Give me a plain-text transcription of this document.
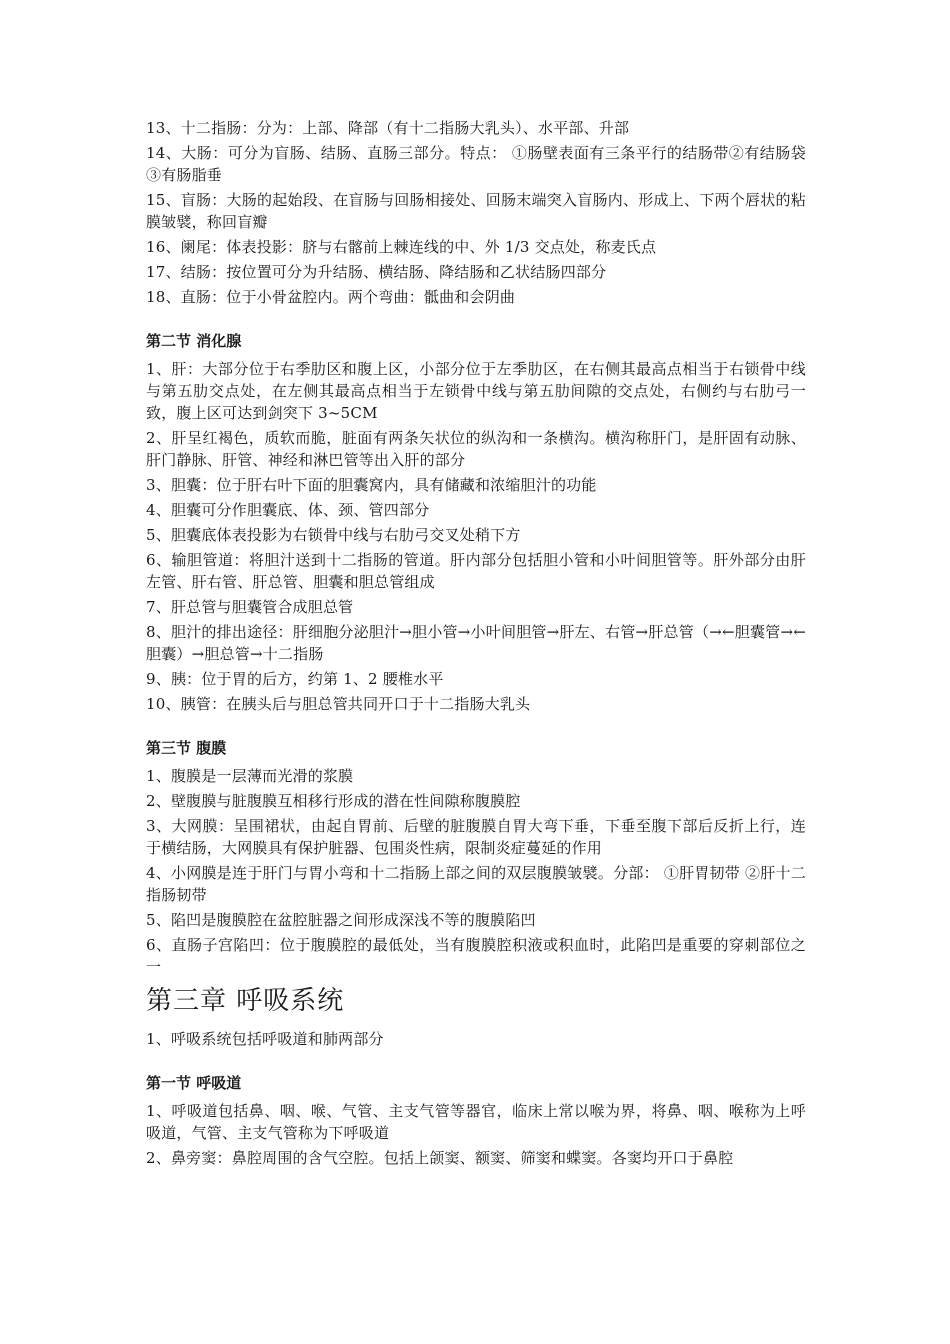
13、十二指肠：分为：上部、降部（有十二指肠大乳头）、水平部、升部

14、大肠：可分为盲肠、结肠、直肠三部分。特点： ①肠壁表面有三条平行的结肠带②有结肠袋③有肠脂垂

15、盲肠：大肠的起始段、在盲肠与回肠相接处、回肠末端突入盲肠内、形成上、下两个唇状的粘膜皱襞，称回盲瓣

16、阑尾：体表投影：脐与右髂前上棘连线的中、外 1/3 交点处，称麦氏点

17、结肠：按位置可分为升结肠、横结肠、降结肠和乙状结肠四部分

18、直肠：位于小骨盆腔内。两个弯曲：骶曲和会阴曲

第二节 消化腺

1、肝：大部分位于右季肋区和腹上区，小部分位于左季肋区，在右侧其最高点相当于右锁骨中线与第五肋交点处，在左侧其最高点相当于左锁骨中线与第五肋间隙的交点处，右侧约与右肋弓一致，腹上区可达到剑突下 3~5CM

2、肝呈红褐色，质软而脆，脏面有两条矢状位的纵沟和一条横沟。横沟称肝门，是肝固有动脉、肝门静脉、肝管、神经和淋巴管等出入肝的部分

3、胆囊：位于肝右叶下面的胆囊窝内，具有储藏和浓缩胆汁的功能

4、胆囊可分作胆囊底、体、颈、管四部分

5、胆囊底体表投影为右锁骨中线与右肋弓交叉处稍下方

6、输胆管道：将胆汁送到十二指肠的管道。肝内部分包括胆小管和小叶间胆管等。肝外部分由肝左管、肝右管、肝总管、胆囊和胆总管组成

7、肝总管与胆囊管合成胆总管

8、胆汁的排出途径：肝细胞分泌胆汁→胆小管→小叶间胆管→肝左、右管→肝总管（→←胆囊管→←胆囊）→胆总管→十二指肠

9、胰：位于胃的后方，约第 1、2 腰椎水平

10、胰管：在胰头后与胆总管共同开口于十二指肠大乳头

第三节 腹膜

1、腹膜是一层薄而光滑的浆膜

2、壁腹膜与脏腹膜互相移行形成的潜在性间隙称腹膜腔

3、大网膜：呈围裙状，由起自胃前、后壁的脏腹膜自胃大弯下垂，下垂至腹下部后反折上行，连于横结肠，大网膜具有保护脏器、包围炎性病，限制炎症蔓延的作用

4、小网膜是连于肝门与胃小弯和十二指肠上部之间的双层腹膜皱襞。分部： ①肝胃韧带 ②肝十二指肠韧带

5、陷凹是腹膜腔在盆腔脏器之间形成深浅不等的腹膜陷凹

6、直肠子宫陷凹：位于腹膜腔的最低处，当有腹膜腔积液或积血时，此陷凹是重要的穿刺部位之一

第三章 呼吸系统

1、呼吸系统包括呼吸道和肺两部分

第一节 呼吸道

1、呼吸道包括鼻、咽、喉、气管、主支气管等器官，临床上常以喉为界，将鼻、咽、喉称为上呼吸道，气管、主支气管称为下呼吸道

2、鼻旁窦：鼻腔周围的含气空腔。包括上颌窦、额窦、筛窦和蝶窦。各窦均开口于鼻腔
